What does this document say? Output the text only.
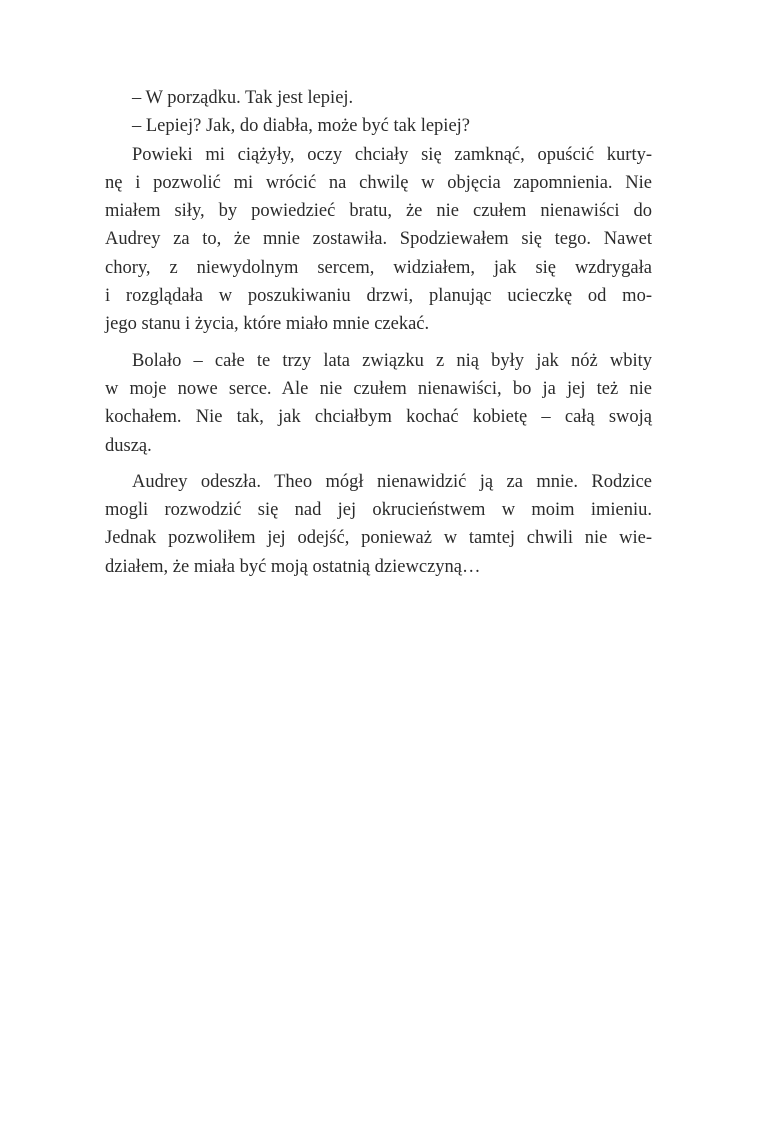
– W porządku. Tak jest lepiej.

– Lepiej? Jak, do diabła, może być tak lepiej?

Powieki mi ciążyły, oczy chciały się zamknąć, opuścić kurty-
nę i pozwolić mi wrócić na chwilę w objęcia zapomnienia. Nie
miałem siły, by powiedzieć bratu, że nie czułem nienawiści do
Audrey za to, że mnie zostawiła. Spodziewałem się tego. Nawet
chory, z niewydolnym sercem, widziałem, jak się wzdrygała
i rozglądała w poszukiwaniu drzwi, planując ucieczkę od mo-
jego stanu i życia, które miało mnie czekać.

Bolało – całe te trzy lata związku z nią były jak nóż wbity
w moje nowe serce. Ale nie czułem nienawiści, bo ja jej też nie
kochałem. Nie tak, jak chciałbym kochać kobietę – całą swoją
duszą.

Audrey odeszła. Theo mógł nienawidzić ją za mnie. Rodzice
mogli rozwodzić się nad jej okrucieństwem w moim imieniu.
Jednak pozwoliłem jej odejść, ponieważ w tamtej chwili nie wie-
działem, że miała być moją ostatnią dziewczyną…
